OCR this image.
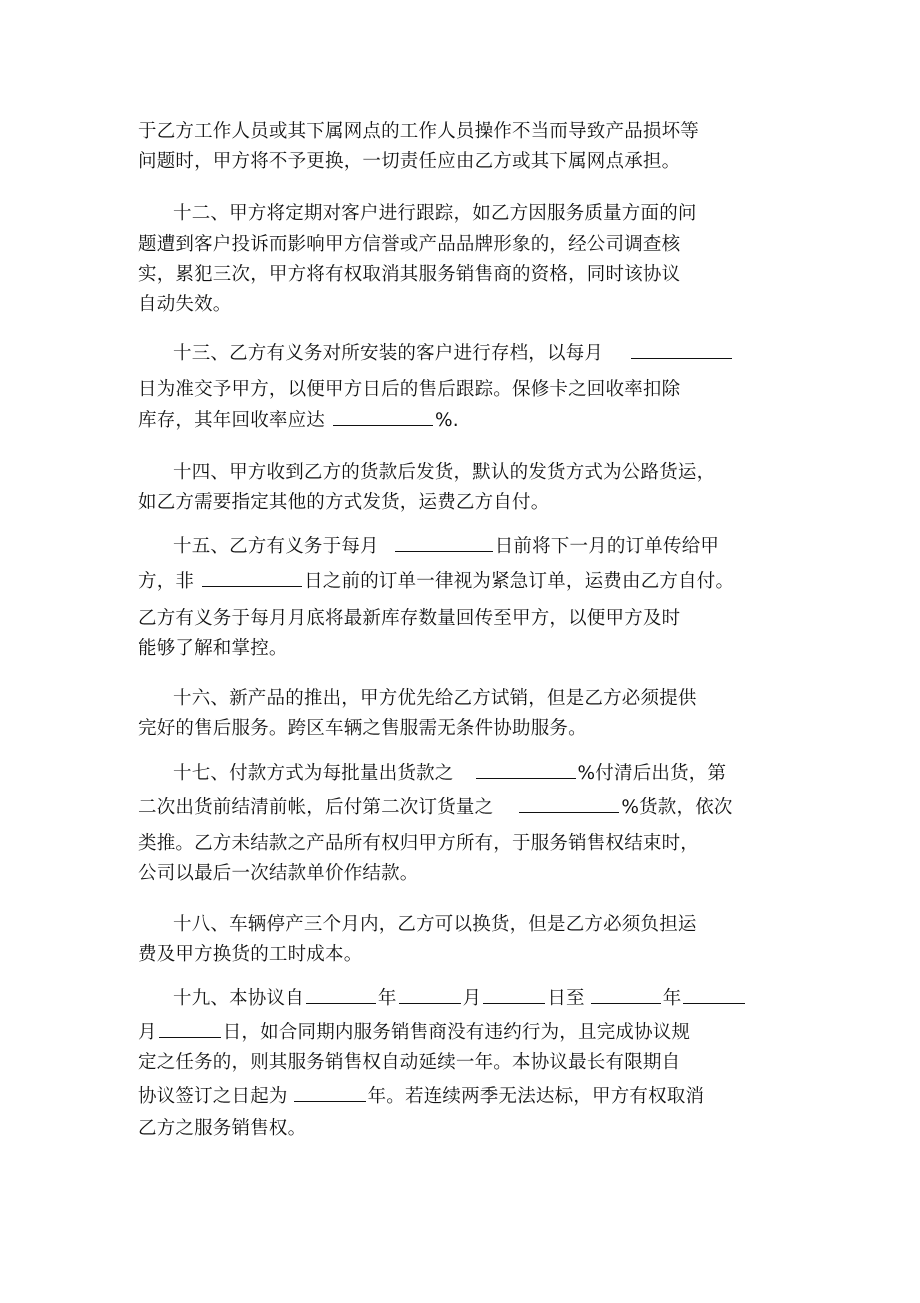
于乙方工作人员或其下属网点的工作人员操作不当而导致产品损坏等
问题时，甲方将不予更换，一切责任应由乙方或其下属网点承担。
十二、甲方将定期对客户进行跟踪，如乙方因服务质量方面的问
题遭到客户投诉而影响甲方信誉或产品品牌形象的，经公司调查核
实，累犯三次，甲方将有权取消其服务销售商的资格，同时该协议
自动失效。
十三、乙方有义务对所安装的客户进行存档，以每月
日为准交予甲方，以便甲方日后的售后跟踪。保修卡之回收率扣除
库存，其年回收率应达	%.
十四、甲方收到乙方的货款后发货，默认的发货方式为公路货运，
如乙方需要指定其他的方式发货，运费乙方自付。
十五、乙方有义务于每月	日前将下一月的订单传给甲
方，非	日之前的订单一律视为紧急订单，运费由乙方自付。
乙方有义务于每月月底将最新库存数量回传至甲方，以便甲方及时
能够了解和掌控。
十六、新产品的推出，甲方优先给乙方试销，但是乙方必须提供
完好的售后服务。跨区车辆之售服需无条件协助服务。
十七、付款方式为每批量出货款之	%付清后出货，第
二次出货前结清前帐，后付第二次订货量之	%货款，依次
类推。乙方未结款之产品所有权归甲方所有，于服务销售权结束时，
公司以最后一次结款单价作结款。
十八、车辆停产三个月内，乙方可以换货，但是乙方必须负担运
费及甲方换货的工时成本。
十九、本协议自	年	月	日至	年
月	日，如合同期内服务销售商没有违约行为，且完成协议规
定之任务的，则其服务销售权自动延续一年。本协议最长有限期自
协议签订之日起为	年。若连续两季无法达标，甲方有权取消
乙方之服务销售权。
